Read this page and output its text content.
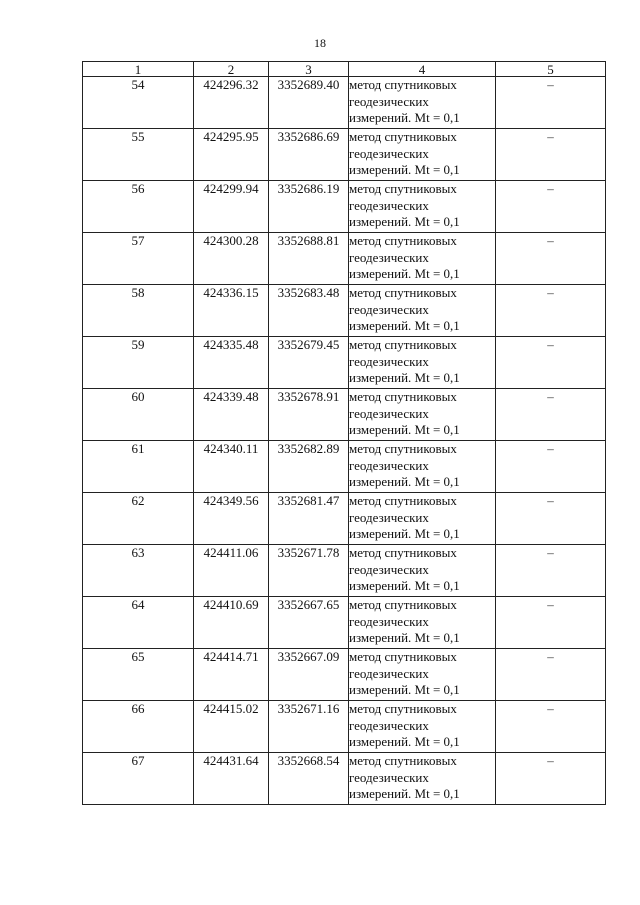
18
1	2	3	4	5
54	424296.32	3352689.40	метод спутниковых
геодезических
измерений. Mt = 0,1	–
55	424295.95	3352686.69	метод спутниковых
геодезических
измерений. Mt = 0,1	–
56	424299.94	3352686.19	метод спутниковых
геодезических
измерений. Mt = 0,1	–
57	424300.28	3352688.81	метод спутниковых
геодезических
измерений. Mt = 0,1	–
58	424336.15	3352683.48	метод спутниковых
геодезических
измерений. Mt = 0,1	–
59	424335.48	3352679.45	метод спутниковых
геодезических
измерений. Mt = 0,1	–
60	424339.48	3352678.91	метод спутниковых
геодезических
измерений. Mt = 0,1	–
61	424340.11	3352682.89	метод спутниковых
геодезических
измерений. Mt = 0,1	–
62	424349.56	3352681.47	метод спутниковых
геодезических
измерений. Mt = 0,1	–
63	424411.06	3352671.78	метод спутниковых
геодезических
измерений. Mt = 0,1	–
64	424410.69	3352667.65	метод спутниковых
геодезических
измерений. Mt = 0,1	–
65	424414.71	3352667.09	метод спутниковых
геодезических
измерений. Mt = 0,1	–
66	424415.02	3352671.16	метод спутниковых
геодезических
измерений. Mt = 0,1	–
67	424431.64	3352668.54	метод спутниковых
геодезических
измерений. Mt = 0,1	–
